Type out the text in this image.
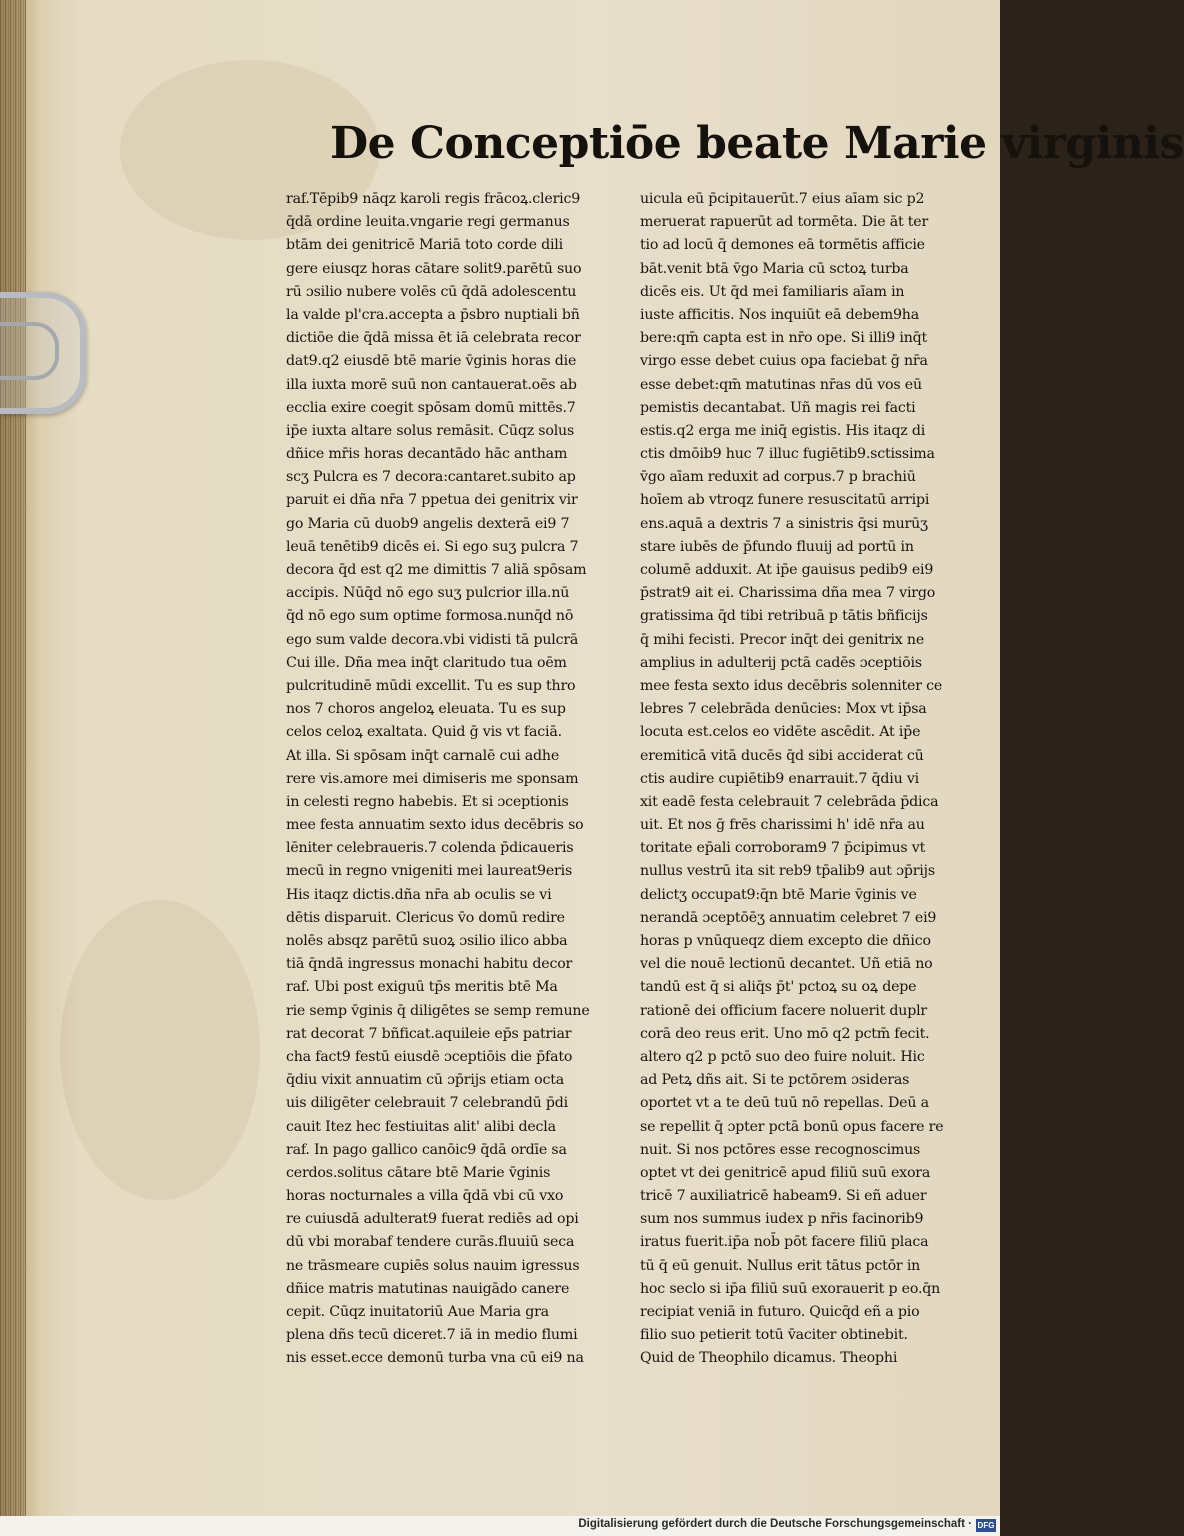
De Conceptiōe beate Marie virginis
raf.Tēpib9 nāqz karoli regis frācoꝝ.cleric9
q̄dā ordine leuita.vngarie regi germanus
btām dei genitricē Mariā toto corde dili
gere eiusqz horas cātare solit9.parētū suo
rū ɔsilio nubere volēs cū q̄dā adolescentu
la valde pl'cra.accepta a p̄sbro nuptiali bñ
dictiōe die q̄dā missa ēt iā celebrata recor
dat9.q2 eiusdē btē marie v̄ginis horas die
illa iuxta morē suū non cantauerat.oēs ab
ecclia exire coegit spōsam domū mittēs.7
ip̄e iuxta altare solus remāsit. Cūqz solus
dñice mr̄is horas decantādo hāc antham
scʒ Pulcra es 7 decora:cantaret.subito ap
paruit ei dña nr̄a 7 ppetua dei genitrix vir
go Maria cū duob9 angelis dexterā ei9 7
leuā tenētib9 dicēs ei. Si ego suʒ pulcra 7
decora q̄d est q2 me dimittis 7 aliā spōsam
accipis. Nūq̄d nō ego suʒ pulcrior illa.nū
q̄d nō ego sum optime formosa.nunq̄d nō
ego sum valde decora.vbi vidisti tā pulcrā
Cui ille. Dña mea inq̄t claritudo tua oēm
pulcritudinē mūdi excellit. Tu es sup thro
nos 7 choros angeloꝝ eleuata. Tu es sup
celos celoꝝ exaltata. Quid ḡ vis vt faciā.
At illa. Si spōsam inq̄t carnalē cui adhe
rere vis.amore mei dimiseris me sponsam
in celesti regno habebis. Et si ɔceptionis
mee festa annuatim sexto idus decēbris so
lēniter celebraueris.7 colenda p̄dicaueris
mecū in regno vnigeniti mei laureat9eris
His itaqz dictis.dña nr̄a ab oculis se vi
dētis disparuit. Clericus v̄o domū redire
nolēs absqz parētū suoꝝ ɔsilio ilico abba
tiā q̄ndā ingressus monachi habitu decor
raf. Ubi post exiguū tp̄s meritis btē Ma
rie semp v̄ginis q̄ diligētes se semp remune
rat decorat 7 bñficat.aquileie ep̄s patriar
cha fact9 festū eiusdē ɔceptiōis die p̄fato
q̄diu vixit annuatim cū ɔp̄rijs etiam octa
uis diligēter celebrauit 7 celebrandū p̄di
cauit Itez hec festiuitas alit' alibi decla
raf. In pago gallico canōic9 q̄dā ordīe sa
cerdos.solitus cātare btē Marie v̄ginis
horas nocturnales a villa q̄dā vbi cū vxo
re cuiusdā adulterat9 fuerat rediēs ad opi
dū vbi morabaf tendere curās.fluuiū seca
ne trāsmeare cupiēs solus nauim igressus
dñice matris matutinas nauigādo canere
cepit. Cūqz inuitatoriū Aue Maria gra
plena dñs tecū diceret.7 iā in medio flumi
nis esset.ecce demonū turba vna cū ei9 na
uicula eū p̄cipitauerūt.7 eius aīam sic p2
meruerat rapuerūt ad tormēta. Die āt ter
tio ad locū q̄ demones eā tormētis afficie
bāt.venit btā v̄go Maria cū sctoꝝ turba
dicēs eis. Ut q̄d mei familiaris aīam in
iuste afficitis. Nos inquiūt eā debem9ha
bere:qm̄ capta est in nr̄o ope. Si illi9 inq̄t
virgo esse debet cuius opa faciebat ḡ nr̄a
esse debet:qm̄ matutinas nr̄as dū vos eū
pemistis decantabat. Uñ magis rei facti
estis.q2 erga me iniq̄ egistis. His itaqz di
ctis dmōib9 huc 7 illuc fugiētib9.sctissima
v̄go aīam reduxit ad corpus.7 p brachiū
hoīem ab vtroqz funere resuscitatū arripi
ens.aquā a dextris 7 a sinistris q̄si murūʒ
stare iubēs de p̄fundo fluuij ad portū in
columē adduxit. At ip̄e gauisus pedib9 ei9
p̄strat9 ait ei. Charissima dña mea 7 virgo
gratissima q̄d tibi retribuā p tātis bñficijs
q̄ mihi fecisti. Precor inq̄t dei genitrix ne
amplius in adulterij pctā cadēs ɔceptiōis
mee festa sexto idus decēbris solenniter ce
lebres 7 celebrāda denūcies: Mox vt ip̄sa
locuta est.celos eo vidēte ascēdit. At ip̄e
eremiticā vitā ducēs q̄d sibi acciderat cū
ctis audire cupiētib9 enarrauit.7 q̄diu vi
xit eadē festa celebrauit 7 celebrāda p̄dica
uit. Et nos ḡ frēs charissimi h' idē nr̄a au
toritate ep̄ali corroboram9 7 p̄cipimus vt
nullus vestrū ita sit reb9 tp̄alib9 aut ɔp̄rijs
delictʒ occupat9:q̄n btē Marie v̄ginis ve
nerandā ɔceptōēʒ annuatim celebret 7 ei9
horas p vnūqueqz diem excepto die dñico
vel die nouē lectionū decantet. Uñ etiā no
tandū est q̄ si aliq̄s p̄t' pctoꝝ su oꝝ depe
rationē dei officium facere noluerit duplr
corā deo reus erit. Uno mō q2 pctm̄ fecit.
altero q2 p pctō suo deo fuire noluit. Hic
ad Petꝝ dñs ait. Si te pctōrem ɔsideras
oportet vt a te deū tuū nō repellas. Deū a
se repellit q̄ ɔpter pctā bonū opus facere re
nuit. Si nos pctōres esse recognoscimus
optet vt dei genitricē apud filiū suū exora
tricē 7 auxiliatricē habeam9. Si eñ aduer
sum nos summus iudex p nr̄is facinorib9
iratus fuerit.ip̄a nob̄ pōt facere filiū placa
tū q̄ eū genuit. Nullus erit tātus pctōr in
hoc seclo si ip̄a filiū suū exorauerit p eo.q̄n
recipiat veniā in futuro. Quicq̄d eñ a pio
filio suo petierit totū v̄aciter obtinebit.
Quid de Theophilo dicamus. Theophi
Digitalisierung gefördert durch die Deutsche Forschungsgemeinschaft · DFG
